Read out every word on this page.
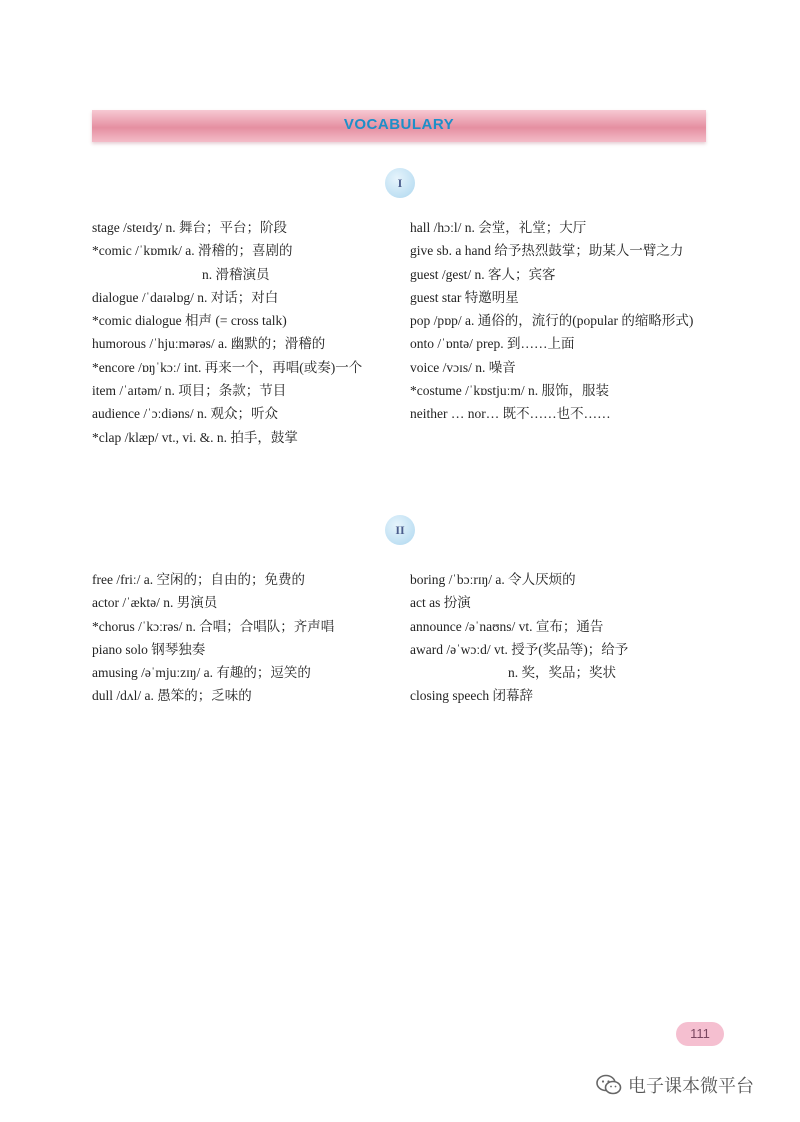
VOCABULARY
I
stage /steɪdʒ/ n. 舞台；平台；阶段
*comic /ˈkɒmɪk/ a. 滑稽的；喜剧的
n. 滑稽演员
dialogue /ˈdaɪəlɒg/ n. 对话；对白
*comic dialogue 相声 (= cross talk)
humorous /ˈhjuːmərəs/ a. 幽默的；滑稽的
*encore /ɒŋˈkɔː/ int. 再来一个，再唱(或奏)一个
item /ˈaɪtəm/ n. 项目；条款；节目
audience /ˈɔːdiəns/ n. 观众；听众
*clap /klæp/ vt., vi. &. n. 拍手，鼓掌
hall /hɔːl/ n. 会堂，礼堂；大厅
give sb. a hand 给予热烈鼓掌；助某人一臂之力
guest /gest/ n. 客人；宾客
guest star 特邀明星
pop /pɒp/ a. 通俗的，流行的(popular 的缩略形式)
onto /ˈɒntə/ prep. 到……上面
voice /vɔɪs/ n. 噪音
*costume /ˈkɒstjuːm/ n. 服饰，服装
neither … nor… 既不……也不……
II
free /friː/ a. 空闲的；自由的；免费的
actor /ˈæktə/ n. 男演员
*chorus /ˈkɔːrəs/ n. 合唱；合唱队；齐声唱
piano solo 钢琴独奏
amusing /əˈmjuːzɪŋ/ a. 有趣的；逗笑的
dull /dʌl/ a. 愚笨的；乏味的
boring /ˈbɔːrɪŋ/ a. 令人厌烦的
act as 扮演
announce /əˈnaʊns/ vt. 宣布；通告
award /əˈwɔːd/ vt. 授予(奖品等)；给予
n. 奖，奖品；奖状
closing speech 闭幕辞
111
电子课本微平台
